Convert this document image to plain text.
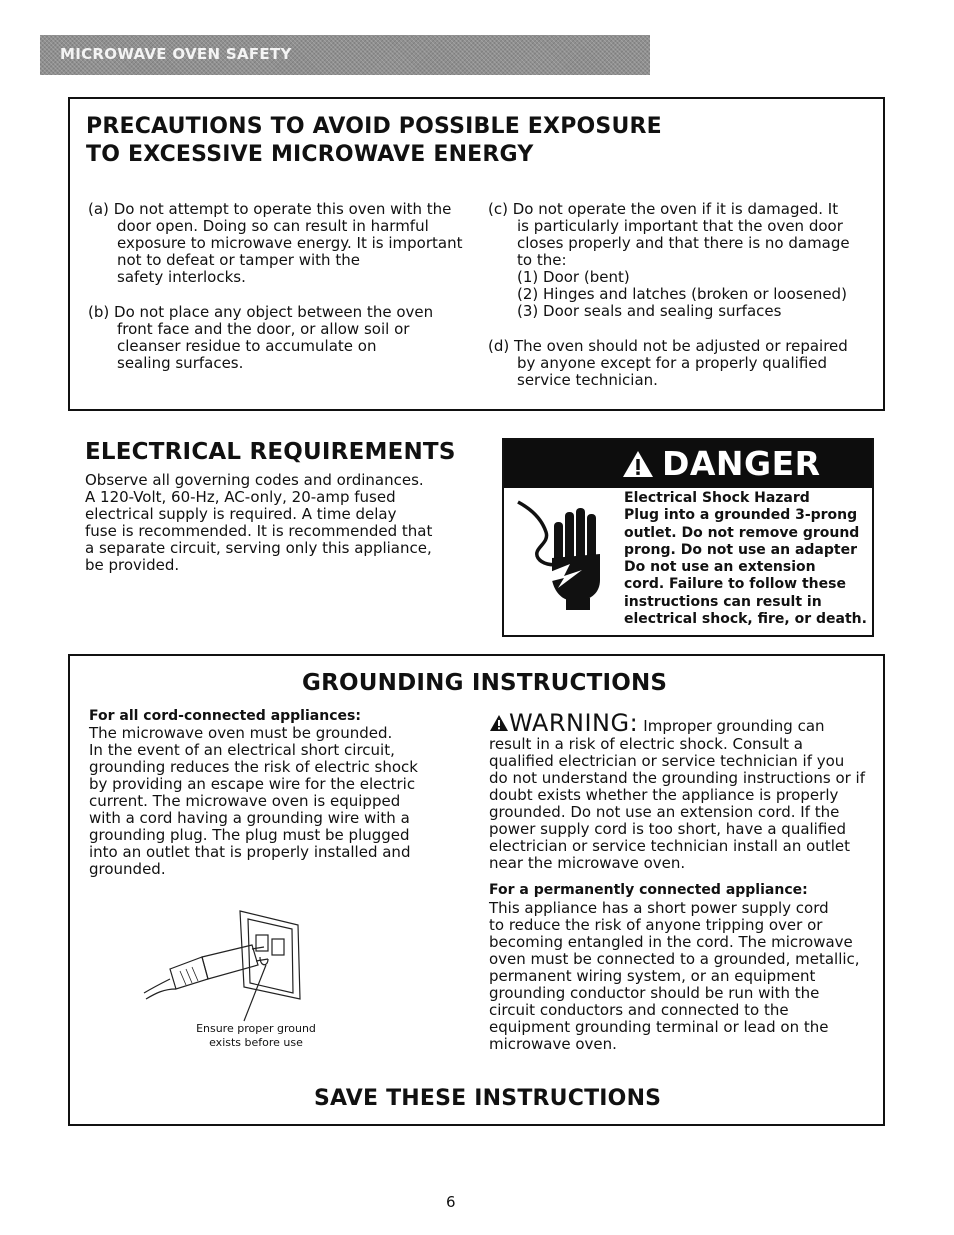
MICROWAVE OVEN SAFETY
PRECAUTIONS TO AVOID POSSIBLE EXPOSURE
TO EXCESSIVE MICROWAVE ENERGY
(a) Do not attempt to operate this oven with the
door open. Doing so can result in harmful
exposure to microwave energy. It is important
not to defeat or tamper with the
safety interlocks.
(b) Do not place any object between the oven
front face and the door, or allow soil or
cleanser residue to accumulate on
sealing surfaces.
(c) Do not operate the oven if it is damaged. It
is particularly important that the oven door
closes properly and that there is no damage
to the:
(1) Door (bent)
(2) Hinges and latches (broken or loosened)
(3) Door seals and sealing surfaces
(d) The oven should not be adjusted or repaired
by anyone except for a properly qualified
service technician.
ELECTRICAL REQUIREMENTS
Observe all governing codes and ordinances.
A 120-Volt, 60-Hz, AC-only, 20-amp fused
electrical supply is required. A time delay
fuse is recommended. It is recommended that
a separate circuit, serving only this appliance,
be provided.
DANGER
Electrical Shock Hazard
Plug into a grounded 3-prong
outlet. Do not remove ground
prong. Do not use an adapter
Do not use an extension
cord. Failure to follow these
instructions can result in
electrical shock, fire, or death.
GROUNDING INSTRUCTIONS
For all cord-connected appliances:
The microwave oven must be grounded.
In the event of an electrical short circuit,
grounding reduces the risk of electric shock
by providing an escape wire for the electric
current. The microwave oven is equipped
with a cord having a grounding wire with a
grounding plug. The plug must be plugged
into an outlet that is properly installed and
grounded.
Ensure proper ground
exists before use
WARNING: Improper grounding can
result in a risk of electric shock. Consult a
qualified electrician or service technician if you
do not understand the grounding instructions or if
doubt exists whether the appliance is properly
grounded. Do not use an extension cord. If the
power supply cord is too short, have a qualified
electrician or service technician install an outlet
near the microwave oven.
For a permanently connected appliance:
This appliance has a short power supply cord
to reduce the risk of anyone tripping over or
becoming entangled in the cord. The microwave
oven must be connected to a grounded, metallic,
permanent wiring system, or an equipment
grounding conductor should be run with the
circuit conductors and connected to the
equipment grounding terminal or lead on the
microwave oven.
SAVE THESE INSTRUCTIONS
6
